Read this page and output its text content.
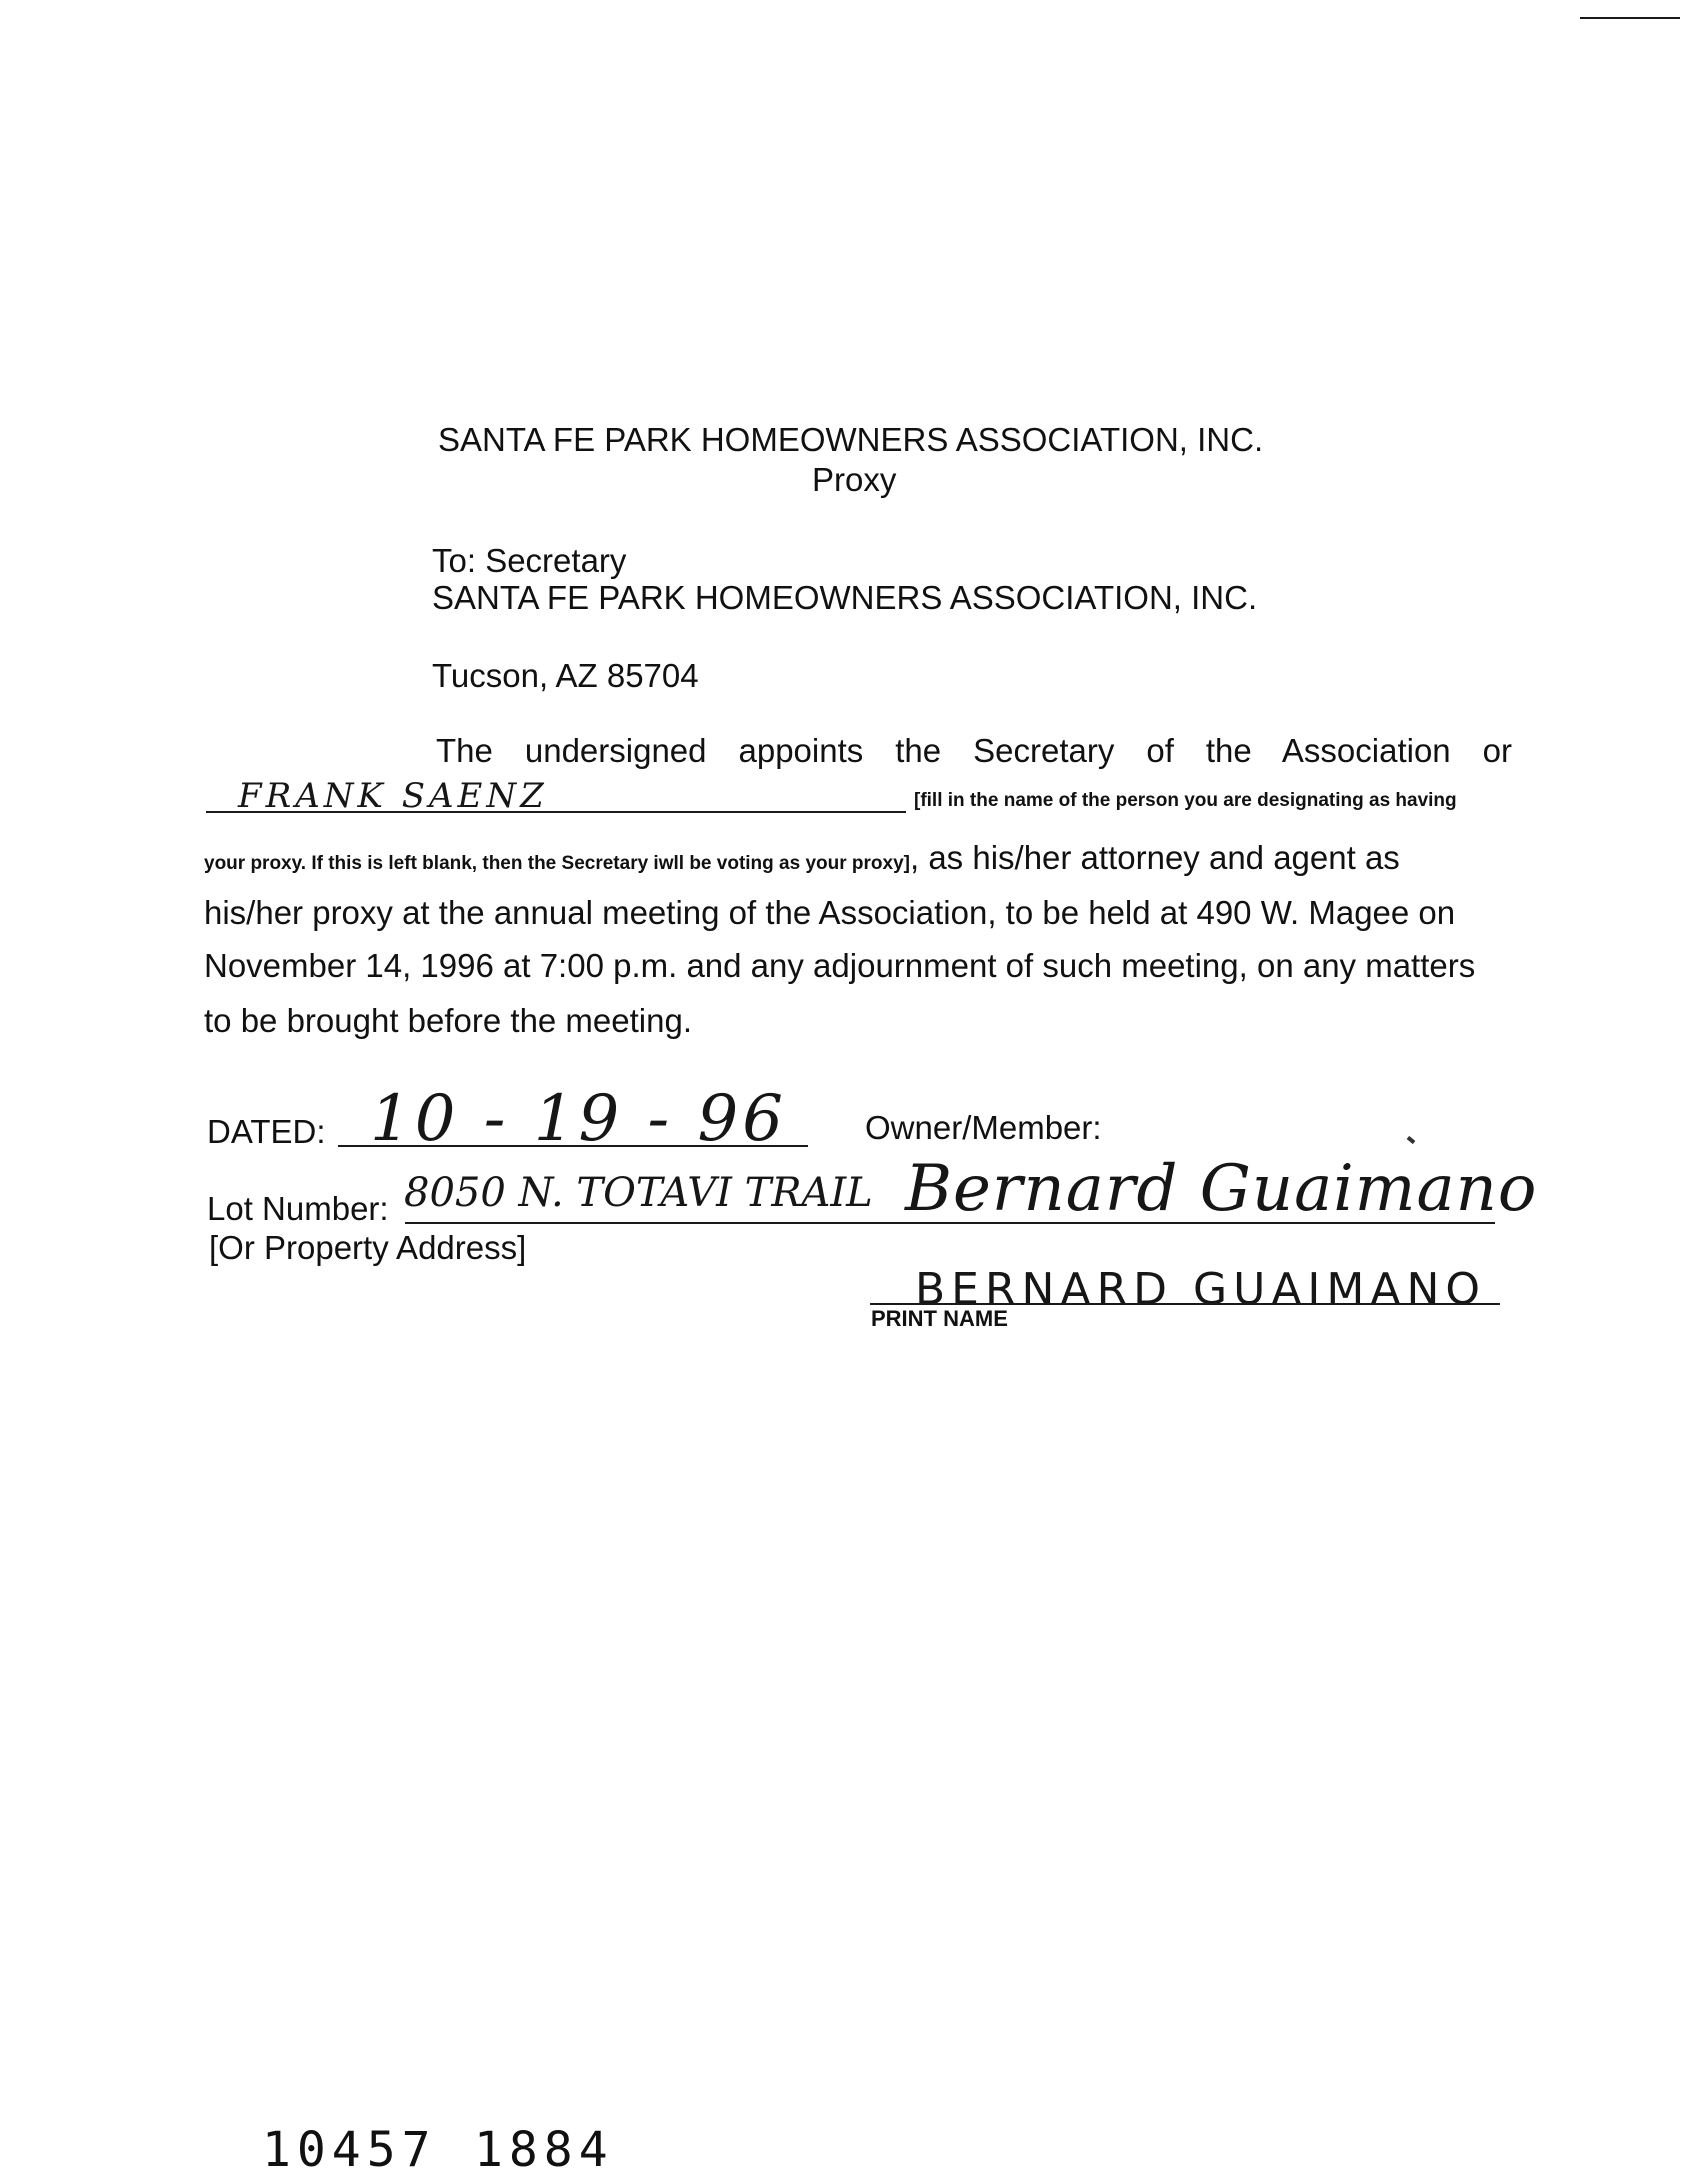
SANTA FE PARK HOMEOWNERS ASSOCIATION, INC.
Proxy
To: Secretary
SANTA FE PARK HOMEOWNERS ASSOCIATION, INC.
Tucson, AZ 85704
The undersigned appoints the Secretary of the Association or
FRANK SAENZ	[fill in the name of the person you are designating as having
your proxy. If this is left blank, then the Secretary iwll be voting as your proxy], as his/her attorney and agent as
his/her proxy at the annual meeting of the Association, to be held at 490 W. Magee on
November 14, 1996 at 7:00 p.m. and any adjournment of such meeting, on any matters
to be brought before the meeting.
DATED: 10 - 19 - 96 Owner/Member:
Lot Number: 8050 N. TOTAVI TRAIL
[Or Property Address]
Bernard Guaimano
BERNARD GUAIMANO
PRINT NAME
10457 1884
